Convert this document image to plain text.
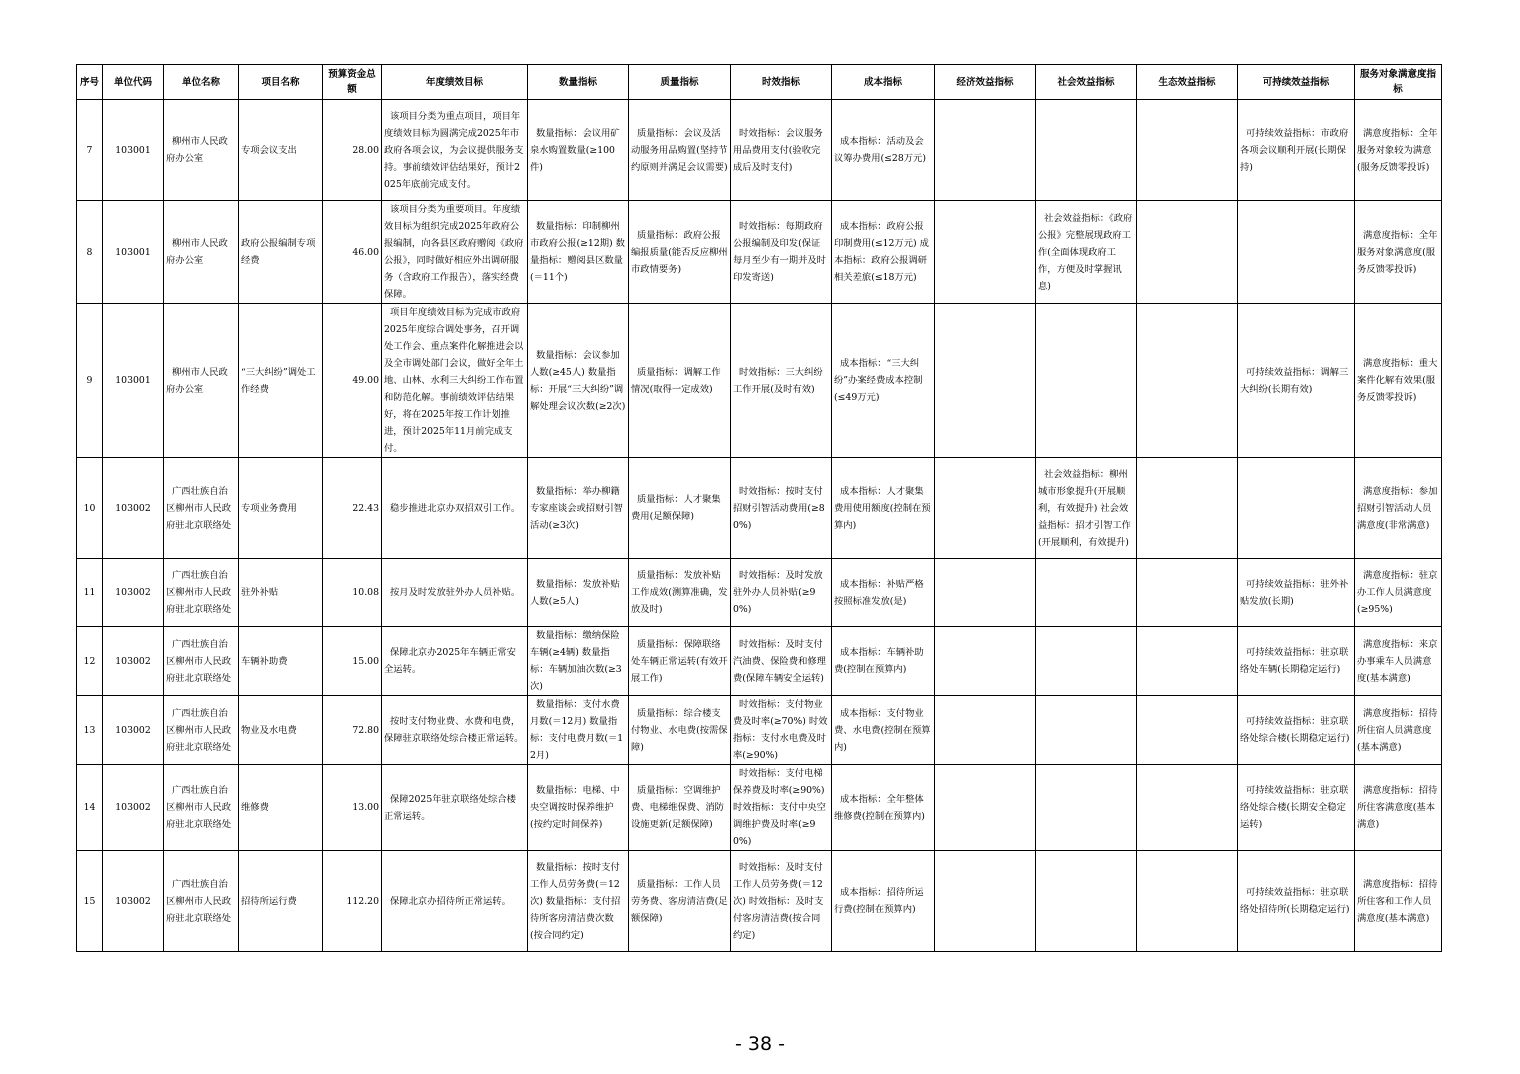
序号	单位代码	单位名称	项目名称	预算资金总额	年度绩效目标	数量指标	质量指标	时效指标	成本指标	经济效益指标	社会效益指标	生态效益指标	可持续效益指标	服务对象满意度指标
7	103001	柳州市人民政府办公室	专项会议支出	28.00	该项目分类为重点项目，项目年度绩效目标为圆满完成2025年市政府各项会议，为会议提供服务支持。事前绩效评估结果好，预计2025年底前完成支付。	数量指标：会议用矿泉水购置数量(≥100件)	质量指标：会议及活动服务用品购置(坚持节约原则并满足会议需要)	时效指标：会议服务用品费用支付(验收完成后及时支付)	成本指标：活动及会议筹办费用(≤28万元)				可持续效益指标：市政府各项会议顺利开展(长期保持)	满意度指标：全年服务对象较为满意(服务反馈零投诉)
8	103001	柳州市人民政府办公室	政府公报编制专项经费	46.00	该项目分类为重要项目。年度绩效目标为组织完成2025年政府公报编制，向各县区政府赠阅《政府公报》，同时做好相应外出调研服务（含政府工作报告），落实经费保障。	数量指标：印制柳州市政府公报(≥12期) 数量指标：赠阅县区数量(＝11个)	质量指标：政府公报编报质量(能否反应柳州市政情要务)	时效指标：每期政府公报编制及印发(保证每月至少有一期并及时印发寄送)	成本指标：政府公报印制费用(≤12万元) 成本指标：政府公报调研相关差旅(≤18万元)		社会效益指标：《政府公报》完整展现政府工作(全面体现政府工作，方便及时掌握讯息)			满意度指标：全年服务对象满意度(服务反馈零投诉)
9	103001	柳州市人民政府办公室	“三大纠纷”调处工作经费	49.00	项目年度绩效目标为完成市政府2025年度综合调处事务，召开调处工作会、重点案件化解推进会以及全市调处部门会议，做好全年土地、山林、水利三大纠纷工作布置和防范化解。事前绩效评估结果好，将在2025年按工作计划推进，预计2025年11月前完成支付。	数量指标：会议参加人数(≥45人) 数量指标：开展“三大纠纷”调解处理会议次数(≥2次)	质量指标：调解工作情况(取得一定成效)	时效指标：三大纠纷工作开展(及时有效)	成本指标：“三大纠纷”办案经费成本控制(≤49万元)				可持续效益指标：调解三大纠纷(长期有效)	满意度指标：重大案件化解有效果(服务反馈零投诉)
10	103002	广西壮族自治区柳州市人民政府驻北京联络处	专项业务费用	22.43	稳步推进北京办双招双引工作。	数量指标：举办柳籍专家座谈会或招财引智活动(≥3次)	质量指标：人才聚集费用(足额保障)	时效指标：按时支付招财引智活动费用(≥80%)	成本指标：人才聚集费用使用额度(控制在预算内)		社会效益指标：柳州城市形象提升(开展顺利，有效提升) 社会效益指标：招才引智工作(开展顺利，有效提升)			满意度指标：参加招财引智活动人员满意度(非常满意)
11	103002	广西壮族自治区柳州市人民政府驻北京联络处	驻外补贴	10.08	按月及时发放驻外办人员补贴。	数量指标：发放补贴人数(≥5人)	质量指标：发放补贴工作成效(测算准确，发放及时)	时效指标：及时发放驻外办人员补贴(≥90%)	成本指标：补贴严格按照标准发放(是)				可持续效益指标：驻外补贴发放(长期)	满意度指标：驻京办工作人员满意度(≥95%)
12	103002	广西壮族自治区柳州市人民政府驻北京联络处	车辆补助费	15.00	保障北京办2025年车辆正常安全运转。	数量指标：缴纳保险车辆(≥4辆) 数量指标：车辆加油次数(≥3次)	质量指标：保障联络处车辆正常运转(有效开展工作)	时效指标：及时支付汽油费、保险费和修理费(保障车辆安全运转)	成本指标：车辆补助费(控制在预算内)				可持续效益指标：驻京联络处车辆(长期稳定运行)	满意度指标：来京办事乘车人员满意度(基本满意)
13	103002	广西壮族自治区柳州市人民政府驻北京联络处	物业及水电费	72.80	按时支付物业费、水费和电费，保障驻京联络处综合楼正常运转。	数量指标：支付水费月数(＝12月) 数量指标：支付电费月数(＝12月)	质量指标：综合楼支付物业、水电费(按需保障)	时效指标：支付物业费及时率(≥70%) 时效指标：支付水电费及时率(≥90%)	成本指标：支付物业费、水电费(控制在预算内)				可持续效益指标：驻京联络处综合楼(长期稳定运行)	满意度指标：招待所住宿人员满意度(基本满意)
14	103002	广西壮族自治区柳州市人民政府驻北京联络处	维修费	13.00	保障2025年驻京联络处综合楼正常运转。	数量指标：电梯、中央空调按时保养维护(按约定时间保养)	质量指标：空调维护费、电梯维保费、消防设施更新(足额保障)	时效指标：支付电梯保养费及时率(≥90%) 时效指标：支付中央空调维护费及时率(≥90%)	成本指标：全年整体维修费(控制在预算内)				可持续效益指标：驻京联络处综合楼(长期安全稳定运转)	满意度指标：招待所住客满意度(基本满意)
15	103002	广西壮族自治区柳州市人民政府驻北京联络处	招待所运行费	112.20	保障北京办招待所正常运转。	数量指标：按时支付工作人员劳务费(＝12次) 数量指标：支付招待所客房清洁费次数(按合同约定)	质量指标：工作人员劳务费、客房清洁费(足额保障)	时效指标：及时支付工作人员劳务费(＝12次) 时效指标：及时支付客房清洁费(按合同约定)	成本指标：招待所运行费(控制在预算内)				可持续效益指标：驻京联络处招待所(长期稳定运行)	满意度指标：招待所住客和工作人员满意度(基本满意)
- 38 -
